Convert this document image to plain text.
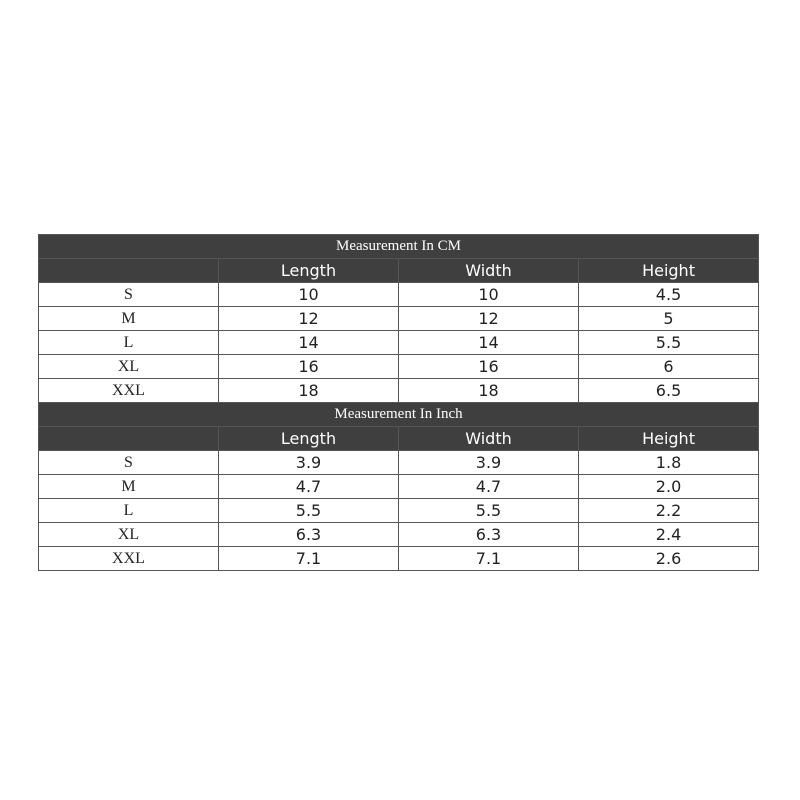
Measurement In CM			
	Length	Width	Height
S	10	10	4.5
M	12	12	5
L	14	14	5.5
XL	16	16	6
XXL	18	18	6.5
Measurement In Inch			
	Length	Width	Height
S	3.9	3.9	1.8
M	4.7	4.7	2.0
L	5.5	5.5	2.2
XL	6.3	6.3	2.4
XXL	7.1	7.1	2.6
